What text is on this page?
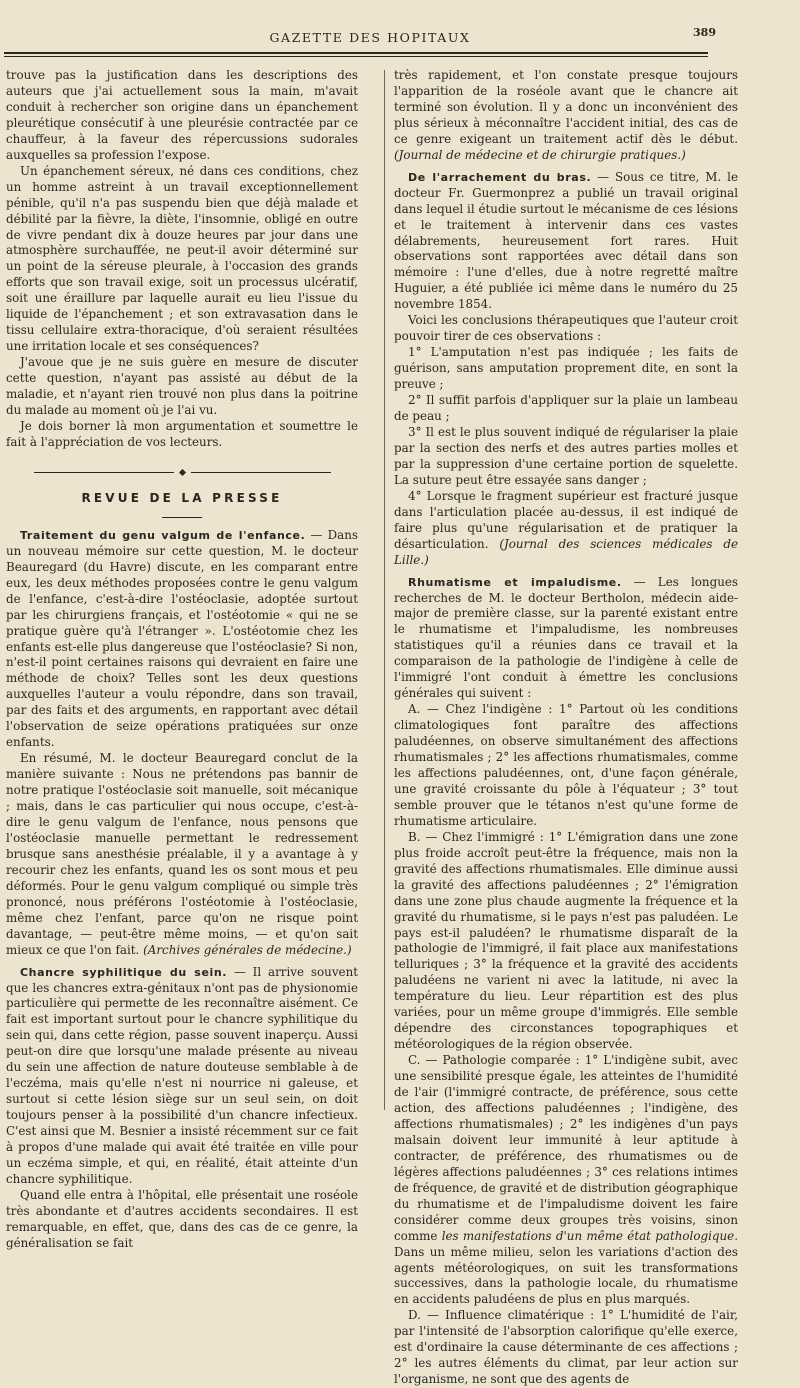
GAZETTE DES HOPITAUX	389

trouve pas la justification dans les descriptions des auteurs que j'ai actuellement sous la main, m'avait conduit à rechercher son origine dans un épanchement pleurétique consécutif à une pleurésie contractée par ce chauffeur, à la faveur des répercussions sudorales auxquelles sa profession l'expose.

Un épanchement séreux, né dans ces conditions, chez un homme astreint à un travail exceptionnellement pénible, qu'il n'a pas suspendu bien que déjà malade et débilité par la fièvre, la diète, l'insomnie, obligé en outre de vivre pendant dix à douze heures par jour dans une atmosphère surchauffée, ne peut-il avoir déterminé sur un point de la séreuse pleurale, à l'occasion des grands efforts que son travail exige, soit un processus ulcératif, soit une éraillure par laquelle aurait eu lieu l'issue du liquide de l'épanchement ; et son extravasation dans le tissu cellulaire extra-thoracique, d'où seraient résultées une irritation locale et ses conséquences?

J'avoue que je ne suis guère en mesure de discuter cette question, n'ayant pas assisté au début de la maladie, et n'ayant rien trouvé non plus dans la poitrine du malade au moment où je l'ai vu.

Je dois borner là mon argumentation et soumettre le fait à l'appréciation de vos lecteurs.

REVUE DE LA PRESSE

Traitement du genu valgum de l'enfance. — Dans un nouveau mémoire sur cette question, M. le docteur Beauregard (du Havre) discute, en les comparant entre eux, les deux méthodes proposées contre le genu valgum de l'enfance, c'est-à-dire l'ostéoclasie, adoptée surtout par les chirurgiens français, et l'ostéotomie « qui ne se pratique guère qu'à l'étranger ». L'ostéotomie chez les enfants est-elle plus dangereuse que l'ostéoclasie? Si non, n'est-il point certaines raisons qui devraient en faire une méthode de choix? Telles sont les deux questions auxquelles l'auteur a voulu répondre, dans son travail, par des faits et des arguments, en rapportant avec détail l'observation de seize opérations pratiquées sur onze enfants.

En résumé, M. le docteur Beauregard conclut de la manière suivante : Nous ne prétendons pas bannir de notre pratique l'ostéoclasie soit manuelle, soit mécanique ; mais, dans le cas particulier qui nous occupe, c'est-à-dire le genu valgum de l'enfance, nous pensons que l'ostéoclasie manuelle permettant le redressement brusque sans anesthésie préalable, il y a avantage à y recourir chez les enfants, quand les os sont mous et peu déformés. Pour le genu valgum compliqué ou simple très prononcé, nous préférons l'ostéotomie à l'ostéoclasie, même chez l'enfant, parce qu'on ne risque point davantage, — peut-être même moins, — et qu'on sait mieux ce que l'on fait. (Archives générales de médecine.)

Chancre syphilitique du sein. — Il arrive souvent que les chancres extra-génitaux n'ont pas de physionomie particulière qui permette de les reconnaître aisément. Ce fait est important surtout pour le chancre syphilitique du sein qui, dans cette région, passe souvent inaperçu. Aussi peut-on dire que lorsqu'une malade présente au niveau du sein une affection de nature douteuse semblable à de l'eczéma, mais qu'elle n'est ni nourrice ni galeuse, et surtout si cette lésion siège sur un seul sein, on doit toujours penser à la possibilité d'un chancre infectieux. C'est ainsi que M. Besnier a insisté récemment sur ce fait à propos d'une malade qui avait été traitée en ville pour un eczéma simple, et qui, en réalité, était atteinte d'un chancre syphilitique.

Quand elle entra à l'hôpital, elle présentait une roséole très abondante et d'autres accidents secondaires. Il est remarquable, en effet, que, dans des cas de ce genre, la généralisation se fait

très rapidement, et l'on constate presque toujours l'apparition de la roséole avant que le chancre ait terminé son évolution. Il y a donc un inconvénient des plus sérieux à méconnaître l'accident initial, des cas de ce genre exigeant un traitement actif dès le début. (Journal de médecine et de chirurgie pratiques.)

De l'arrachement du bras. — Sous ce titre, M. le docteur Fr. Guermonprez a publié un travail original dans lequel il étudie surtout le mécanisme de ces lésions et le traitement à intervenir dans ces vastes délabrements, heureusement fort rares. Huit observations sont rapportées avec détail dans son mémoire : l'une d'elles, due à notre regretté maître Huguier, a été publiée ici même dans le numéro du 25 novembre 1854.

Voici les conclusions thérapeutiques que l'auteur croit pouvoir tirer de ces observations :

1° L'amputation n'est pas indiquée ; les faits de guérison, sans amputation proprement dite, en sont la preuve ;

2° Il suffit parfois d'appliquer sur la plaie un lambeau de peau ;

3° Il est le plus souvent indiqué de régulariser la plaie par la section des nerfs et des autres parties molles et par la suppression d'une certaine portion de squelette. La suture peut être essayée sans danger ;

4° Lorsque le fragment supérieur est fracturé jusque dans l'articulation placée au-dessus, il est indiqué de faire plus qu'une régularisation et de pratiquer la désarticulation. (Journal des sciences médicales de Lille.)

Rhumatisme et impaludisme. — Les longues recherches de M. le docteur Bertholon, médecin aide-major de première classe, sur la parenté existant entre le rhumatisme et l'impaludisme, les nombreuses statistiques qu'il a réunies dans ce travail et la comparaison de la pathologie de l'indigène à celle de l'immigré l'ont conduit à émettre les conclusions générales qui suivent :

A. — Chez l'indigène : 1° Partout où les conditions climatologiques font paraître des affections paludéennes, on observe simultanément des affections rhumatismales ; 2° les affections rhumatismales, comme les affections paludéennes, ont, d'une façon générale, une gravité croissante du pôle à l'équateur ; 3° tout semble prouver que le tétanos n'est qu'une forme de rhumatisme articulaire.

B. — Chez l'immigré : 1° L'émigration dans une zone plus froide accroît peut-être la fréquence, mais non la gravité des affections rhumatismales. Elle diminue aussi la gravité des affections paludéennes ; 2° l'émigration dans une zone plus chaude augmente la fréquence et la gravité du rhumatisme, si le pays n'est pas paludéen. Le pays est-il paludéen? le rhumatisme disparaît de la pathologie de l'immigré, il fait place aux manifestations telluriques ; 3° la fréquence et la gravité des accidents paludéens ne varient ni avec la latitude, ni avec la température du lieu. Leur répartition est des plus variées, pour un même groupe d'immigrés. Elle semble dépendre des circonstances topographiques et météorologiques de la région observée.

C. — Pathologie comparée : 1° L'indigène subit, avec une sensibilité presque égale, les atteintes de l'humidité de l'air (l'immigré contracte, de préférence, sous cette action, des affections paludéennes ; l'indigène, des affections rhumatismales) ; 2° les indigènes d'un pays malsain doivent leur immunité à leur aptitude à contracter, de préférence, des rhumatismes ou de légères affections paludéennes ; 3° ces relations intimes de fréquence, de gravité et de distribution géographique du rhumatisme et de l'impaludisme doivent les faire considérer comme deux groupes très voisins, sinon comme les manifestations d'un même état pathologique. Dans un même milieu, selon les variations d'action des agents météorologiques, on suit les transformations successives, dans la pathologie locale, du rhumatisme en accidents paludéens de plus en plus marqués.

D. — Influence climatérique : 1° L'humidité de l'air, par l'intensité de l'absorption calorifique qu'elle exerce, est d'ordinaire la cause déterminante de ces affections ; 2° les autres éléments du climat, par leur action sur l'organisme, ne sont que des agents de
